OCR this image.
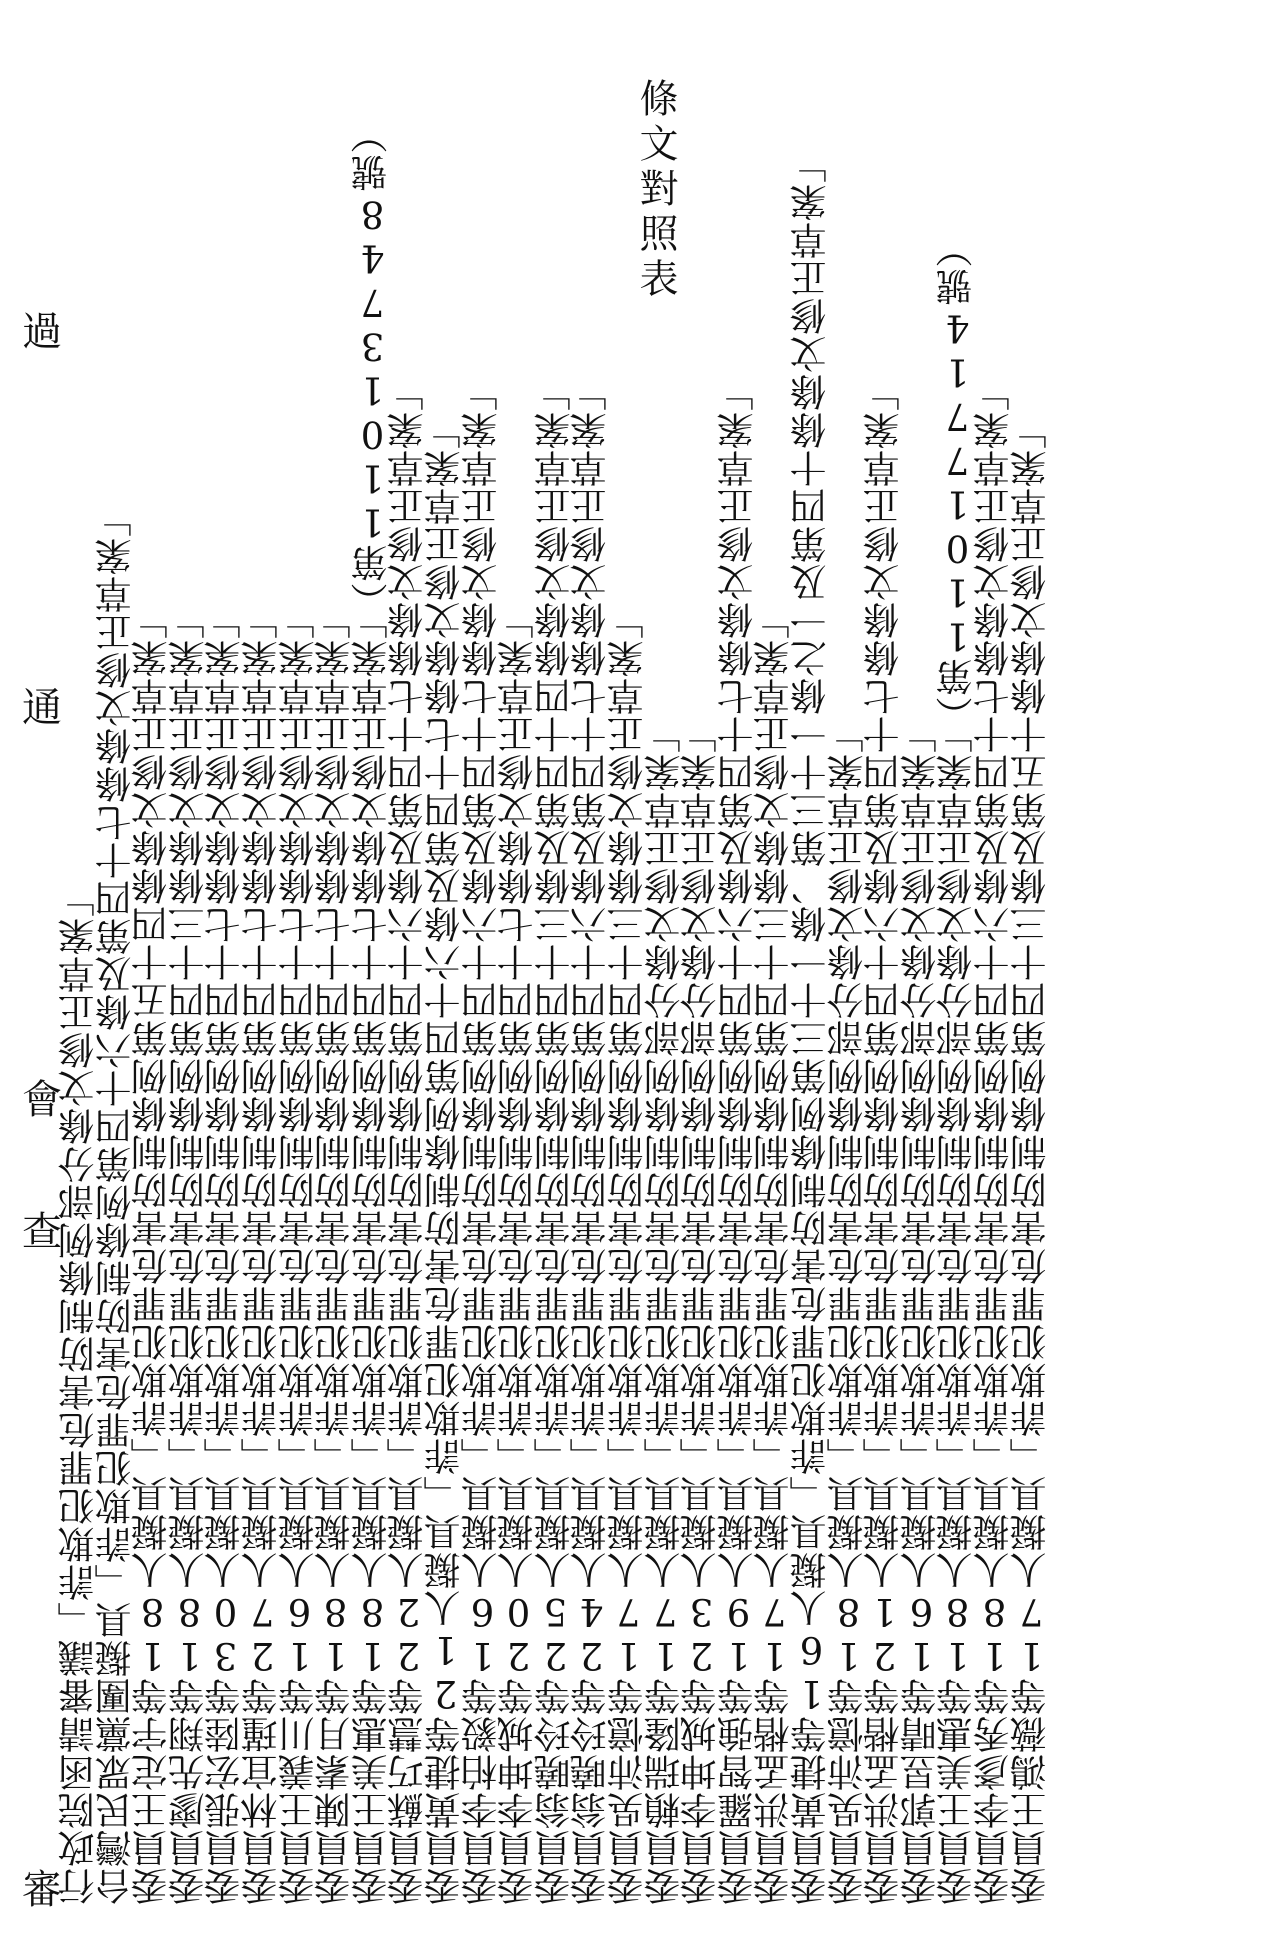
條文對照表
審
查
會
通
過
行政院函請審議「詐欺犯罪危害防制條例部分條文修正草案」
台灣民眾黨團擬具「詐欺犯罪危害防制條例第四十六條及第四十七條條文修正草案」
委員王定宇等18人擬具「詐欺犯罪危害防制條例第五十四條條文修正草案」
委員廖先翔等18人擬具「詐欺犯罪危害防制條例第四十三條條文修正草案」
委員張宏陸等30人擬具「詐欺犯罪危害防制條例第四十七條條文修正草案」
委員林宜瑾等27人擬具「詐欺犯罪危害防制條例第四十七條條文修正草案」
委員王義川等16人擬具「詐欺犯罪危害防制條例第四十七條條文修正草案」
委員陳素月等18人擬具「詐欺犯罪危害防制條例第四十七條條文修正草案」
委員王美惠等18人擬具「詐欺犯罪危害防制條例第四十七條條文修正草案」（第11013748號）
委員蘇巧慧等22人擬具「詐欺犯罪危害防制條例第四十六條及第四十七條條文修正草案」
委員黃捷等21人擬具「詐欺犯罪危害防制條例第四十六條及第四十七條條文修正草案」
委員李柏毅等16人擬具「詐欺犯罪危害防制條例第四十六條及第四十七條條文修正草案」
委員李坤城等20人擬具「詐欺犯罪危害防制條例第四十七條條文修正草案」
委員翁曉玲等25人擬具「詐欺犯罪危害防制條例第四十三條及第四十四條條文修正草案」
委員翁曉玲等24人擬具「詐欺犯罪危害防制條例第四十六條及第四十七條條文修正草案」
委員吳沛憶等17人擬具「詐欺犯罪危害防制條例第四十三條條文修正草案」
委員賴瑞隆等17人擬具「詐欺犯罪危害防制條例部分條文修正草案」
委員李坤城等23人擬具「詐欺犯罪危害防制條例部分條文修正草案」
委員羅智強等19人擬具「詐欺犯罪危害防制條例第四十六條及第四十七條條文修正草案」
委員洪孟楷等17人擬具「詐欺犯罪危害防制條例第四十三條條文修正草案」
委員黃捷等16人擬具「詐欺犯罪危害防制條例第三十一條、第三十一條之一及第四十條條文修正草案」
委員吳沛憶等18人擬具「詐欺犯罪危害防制條例部分條文修正草案」
委員洪孟楷等21人擬具「詐欺犯罪危害防制條例第四十六條及第四十七條條文修正草案」
委員郭昱晴等16人擬具「詐欺犯罪危害防制條例部分條文修正草案」
委員王美惠等18人擬具「詐欺犯罪危害防制條例部分條文修正草案」（第11017714號）
委員李彥秀等18人擬具「詐欺犯罪危害防制條例第四十六條及第四十七條條文修正草案」
委員王鴻薇等17人擬具「詐欺犯罪危害防制條例第四十三條及第五十條條文修正草案」
